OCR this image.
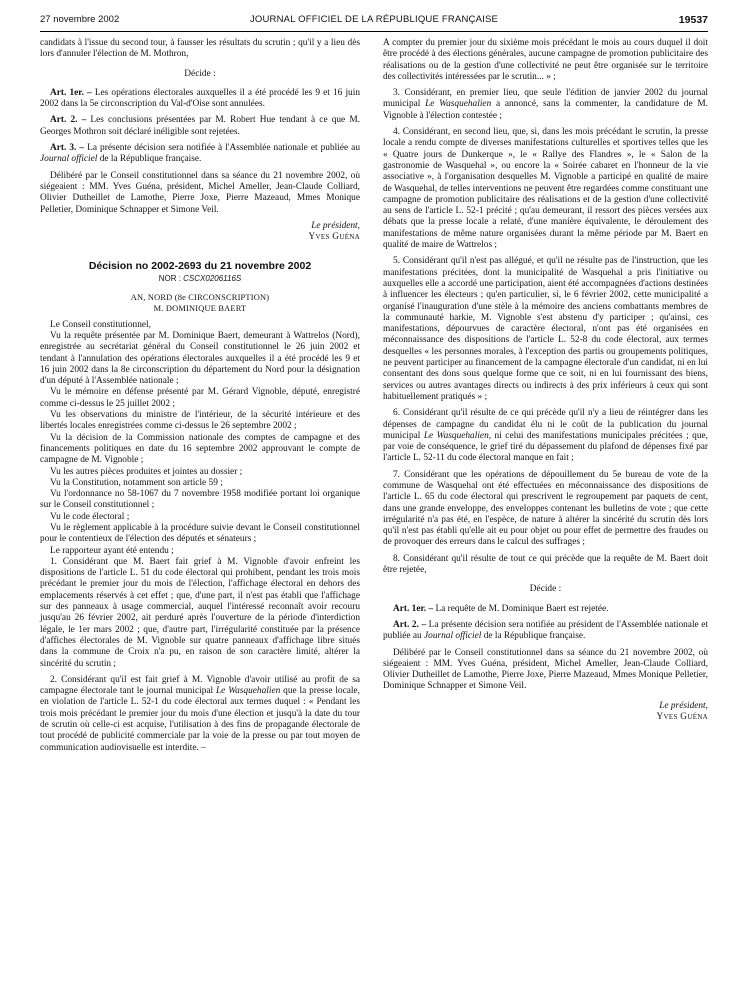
27 novembre 2002	JOURNAL OFFICIEL DE LA RÉPUBLIQUE FRANÇAISE	19537

candidats à l'issue du second tour, à fausser les résultats du scrutin ; qu'il y a lieu dès lors d'annuler l'élection de M. Mothron,

Décide :

Art. 1er. – Les opérations électorales auxquelles il a été procédé les 9 et 16 juin 2002 dans la 5e circonscription du Val-d'Oise sont annulées.

Art. 2. – Les conclusions présentées par M. Robert Hue tendant à ce que M. Georges Mothron soit déclaré inéligible sont rejetées.

Art. 3. – La présente décision sera notifiée à l'Assemblée nationale et publiée au Journal officiel de la République française.

Délibéré par le Conseil constitutionnel dans sa séance du 21 novembre 2002, où siégeaient : MM. Yves Guéna, président, Michel Ameller, Jean-Claude Colliard, Olivier Dutheillet de Lamothe, Pierre Joxe, Pierre Mazeaud, Mmes Monique Pelletier, Dominique Schnapper et Simone Veil.

Le président,

Yves Guéna

Décision no 2002-2693 du 21 novembre 2002

NOR : CSCX0206116S

AN, NORD (8e CIRCONSCRIPTION)

M. DOMINIQUE BAERT

Le Conseil constitutionnel,

Vu la requête présentée par M. Dominique Baert, demeurant à Wattrelos (Nord), enregistrée au secrétariat général du Conseil constitutionnel le 26 juin 2002 et tendant à l'annulation des opérations électorales auxquelles il a été procédé les 9 et 16 juin 2002 dans la 8e circonscription du département du Nord pour la désignation d'un député à l'Assemblée nationale ;

Vu le mémoire en défense présenté par M. Gérard Vignoble, député, enregistré comme ci-dessus le 25 juillet 2002 ;

Vu les observations du ministre de l'intérieur, de la sécurité intérieure et des libertés locales enregistrées comme ci-dessus le 26 septembre 2002 ;

Vu la décision de la Commission nationale des comptes de campagne et des financements politiques en date du 16 septembre 2002 approuvant le compte de campagne de M. Vignoble ;

Vu les autres pièces produites et jointes au dossier ;

Vu la Constitution, notamment son article 59 ;

Vu l'ordonnance no 58-1067 du 7 novembre 1958 modifiée portant loi organique sur le Conseil constitutionnel ;

Vu le code électoral ;

Vu le règlement applicable à la procédure suivie devant le Conseil constitutionnel pour le contentieux de l'élection des députés et sénateurs ;

Le rapporteur ayant été entendu ;

1. Considérant que M. Baert fait grief à M. Vignoble d'avoir enfreint les dispositions de l'article L. 51 du code électoral qui prohibent, pendant les trois mois précédant le premier jour du mois de l'élection, l'affichage électoral en dehors des emplacements réservés à cet effet ; que, d'une part, il n'est pas établi que l'affichage sur des panneaux à usage commercial, auquel l'intéressé reconnaît avoir recouru jusqu'au 26 février 2002, ait perduré après l'ouverture de la période d'interdiction légale, le 1er mars 2002 ; que, d'autre part, l'irrégularité constituée par la présence d'affiches électorales de M. Vignoble sur quatre panneaux d'affichage libre situés dans la commune de Croix n'a pu, en raison de son caractère limité, altérer la sincérité du scrutin ;

2. Considérant qu'il est fait grief à M. Vignoble d'avoir utilisé au profit de sa campagne électorale tant le journal municipal Le Wasquehalien que la presse locale, en violation de l'article L. 52-1 du code électoral aux termes duquel : « Pendant les trois mois précédant le premier jour du mois d'une élection et jusqu'à la date du tour de scrutin où celle-ci est acquise, l'utilisation à des fins de propagande électorale de tout procédé de publicité commerciale par la voie de la presse ou par tout moyen de communication audiovisuelle est interdite. –

A compter du premier jour du sixième mois précédant le mois au cours duquel il doit être procédé à des élections générales, aucune campagne de promotion publicitaire des réalisations ou de la gestion d'une collectivité ne peut être organisée sur le territoire des collectivités intéressées par le scrutin... » ;

3. Considérant, en premier lieu, que seule l'édition de janvier 2002 du journal municipal Le Wasquehalien a annoncé, sans la commenter, la candidature de M. Vignoble à l'élection contestée ;

4. Considérant, en second lieu, que, si, dans les mois précédant le scrutin, la presse locale a rendu compte de diverses manifestations culturelles et sportives telles que les « Quatre jours de Dunkerque », le « Rallye des Flandres », le « Salon de la gastronomie de Wasquehal », ou encore la « Soirée cabaret en l'honneur de la vie associative », à l'organisation desquelles M. Vignoble a participé en qualité de maire de Wasquehal, de telles interventions ne peuvent être regardées comme constituant une campagne de promotion publicitaire des réalisations et de la gestion d'une collectivité au sens de l'article L. 52-1 précité ; qu'au demeurant, il ressort des pièces versées aux débats que la presse locale a relaté, d'une manière équivalente, le déroulement des manifestations de même nature organisées durant la même période par M. Baert en qualité de maire de Wattrelos ;

5. Considérant qu'il n'est pas allégué, et qu'il ne résulte pas de l'instruction, que les manifestations précitées, dont la municipalité de Wasquehal a pris l'initiative ou auxquelles elle a accordé une participation, aient été accompagnées d'actions destinées à influencer les électeurs ; qu'en particulier, si, le 6 février 2002, cette municipalité a organisé l'inauguration d'une stèle à la mémoire des anciens combattants membres de la communauté harkie, M. Vignoble s'est abstenu d'y participer ; qu'ainsi, ces manifestations, dépourvues de caractère électoral, n'ont pas été organisées en méconnaissance des dispositions de l'article L. 52-8 du code électoral, aux termes desquelles « les personnes morales, à l'exception des partis ou groupements politiques, ne peuvent participer au financement de la campagne électorale d'un candidat, ni en lui consentant des dons sous quelque forme que ce soit, ni en lui fournissant des biens, services ou autres avantages directs ou indirects à des prix inférieurs à ceux qui sont habituellement pratiqués » ;

6. Considérant qu'il résulte de ce qui précède qu'il n'y a lieu de réintégrer dans les dépenses de campagne du candidat élu ni le coût de la publication du journal municipal Le Wasquehalien, ni celui des manifestations municipales précitées ; que, par voie de conséquence, le grief tiré du dépassement du plafond de dépenses fixé par l'article L. 52-11 du code électoral manque en fait ;

7. Considérant que les opérations de dépouillement du 5e bureau de vote de la commune de Wasquehal ont été effectuées en méconnaissance des dispositions de l'article L. 65 du code électoral qui prescrivent le regroupement par paquets de cent, dans une grande enveloppe, des enveloppes contenant les bulletins de vote ; que cette irrégularité n'a pas été, en l'espèce, de nature à altérer la sincérité du scrutin dès lors qu'il n'est pas établi qu'elle ait eu pour objet ou pour effet de permettre des fraudes ou de provoquer des erreurs dans le calcul des suffrages ;

8. Considérant qu'il résulte de tout ce qui précède que la requête de M. Baert doit être rejetée,

Décide :

Art. 1er. – La requête de M. Dominique Baert est rejetée.

Art. 2. – La présente décision sera notifiée au président de l'Assemblée nationale et publiée au Journal officiel de la République française.

Délibéré par le Conseil constitutionnel dans sa séance du 21 novembre 2002, où siégeaient : MM. Yves Guéna, président, Michel Ameller, Jean-Claude Colliard, Olivier Dutheillet de Lamothe, Pierre Joxe, Pierre Mazeaud, Mmes Monique Pelletier, Dominique Schnapper et Simone Veil.

Le président,

Yves Guéna
